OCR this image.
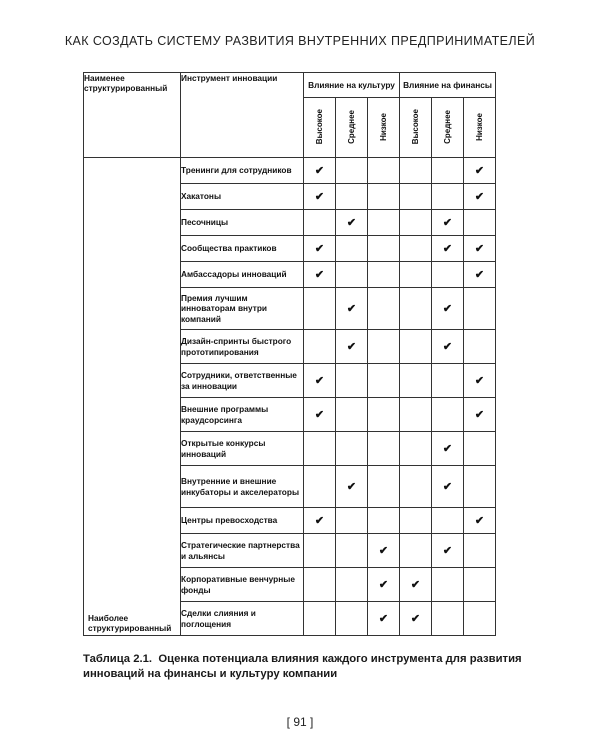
КАК СОЗДАТЬ СИСТЕМУ РАЗВИТИЯ ВНУТРЕННИХ ПРЕДПРИНИМАТЕЛЕЙ
Наименее
структурированный	Инструмент инновации	Влияние на культуру			Влияние на финансы		
		Высокое	Среднее	Низкое	Высокое	Среднее	Низкое

Наиболее
структурированный	Тренинги для сотрудников	✔					✔
	Хакатоны	✔					✔
	Песочницы		✔			✔	
	Сообщества практиков	✔				✔	✔
	Амбассадоры инноваций	✔					✔
	Премия лучшим инноваторам внутри компаний		✔			✔	
	Дизайн-спринты быстрого прототипирования		✔			✔	
	Сотрудники, ответственные за инновации	✔					✔
	Внешние программы краудсорсинга	✔					✔
	Открытые конкурсы инноваций					✔	
	Внутренние и внешние инкубаторы и акселераторы		✔			✔	
	Центры превосходства	✔					✔
	Стратегические партнерства и альянсы			✔		✔	
	Корпоративные венчурные фонды			✔	✔		
	Сделки слияния и поглощения			✔	✔		
Таблица 2.1. Оценка потенциала влияния каждого инструмента для развития инноваций на финансы и культуру компании
[ 91 ]
